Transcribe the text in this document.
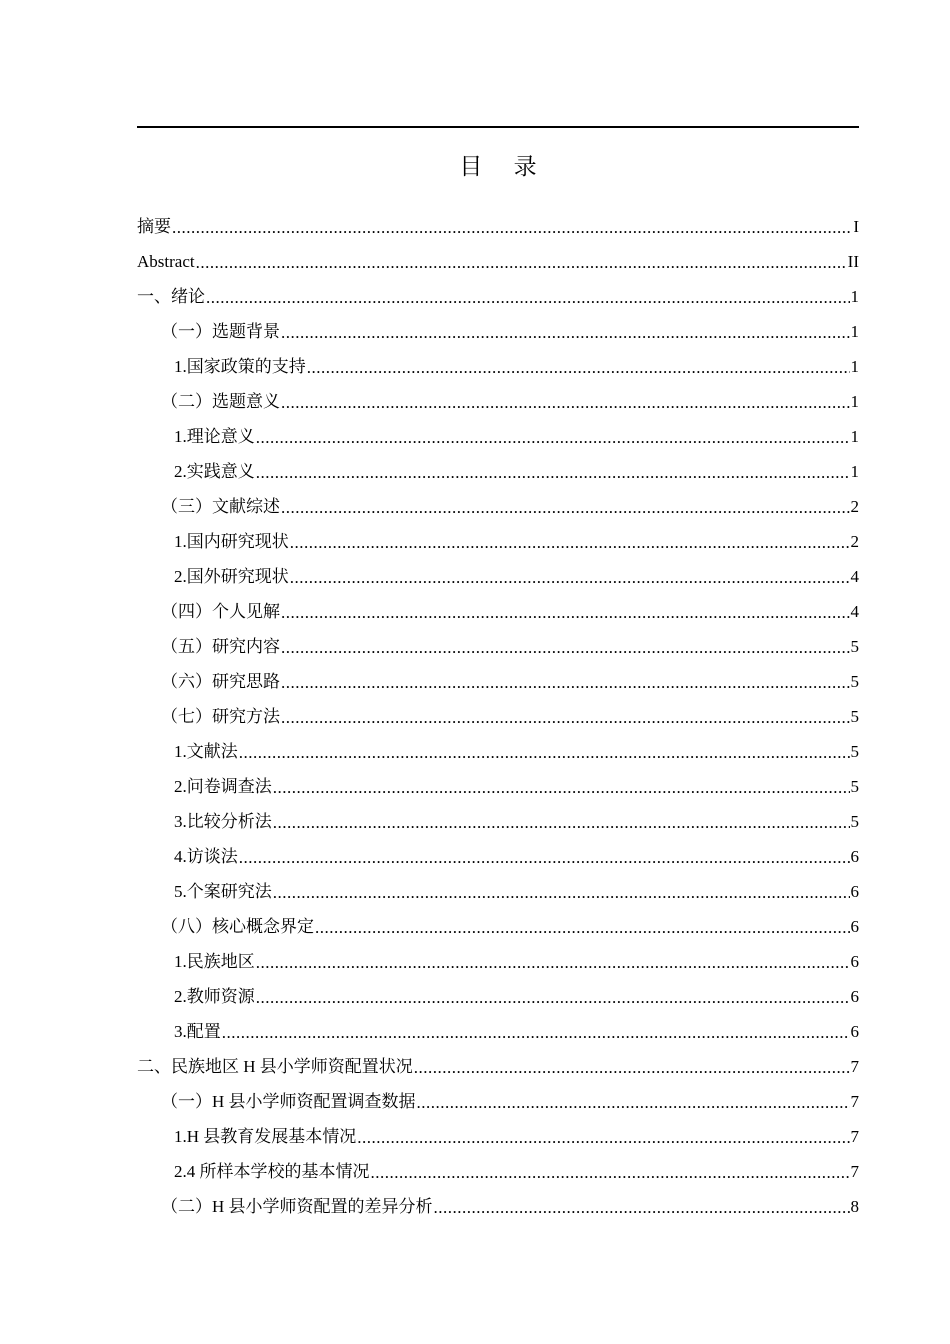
目 录
摘要 .....	I
Abstract .....	II
一、绪论 .....	1
（一）选题背景 .....	1
1.国家政策的支持 .....	1
（二）选题意义 .....	1
1.理论意义 .....	1
2.实践意义 .....	1
（三）文献综述 .....	2
1.国内研究现状 .....	2
2.国外研究现状 .....	4
（四）个人见解 .....	4
（五）研究内容 .....	5
（六）研究思路 .....	5
（七）研究方法 .....	5
1.文献法 .....	5
2.问卷调查法 .....	5
3.比较分析法 .....	5
4.访谈法 .....	6
5.个案研究法 .....	6
（八）核心概念界定 .....	6
1.民族地区 .....	6
2.教师资源 .....	6
3.配置 .....	6
二、民族地区 H 县小学师资配置状况 .....	7
（一）H 县小学师资配置调查数据 .....	7
1.H 县教育发展基本情况 .....	7
2.4 所样本学校的基本情况 .....	7
（二）H 县小学师资配置的差异分析 .....	8
